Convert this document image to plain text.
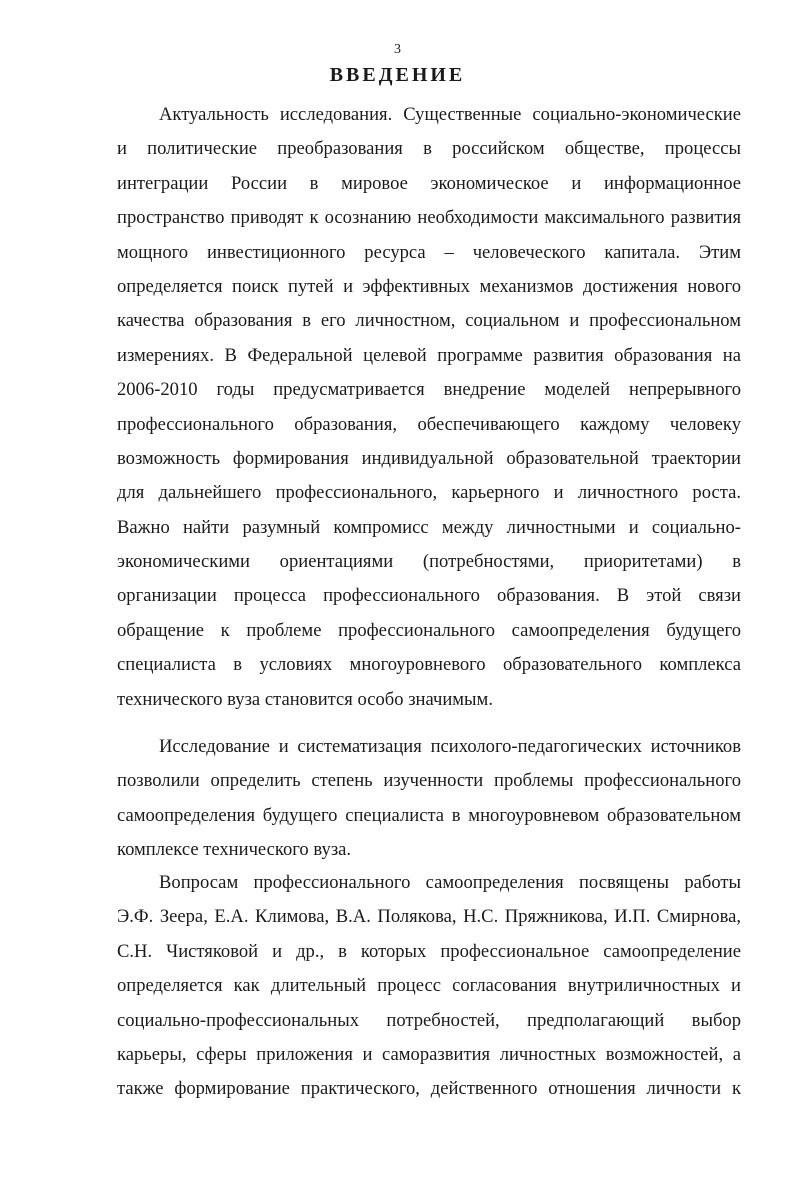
3
ВВЕДЕНИЕ
Актуальность исследования. Существенные социально-экономические
и политические преобразования в российском обществе, процессы
интеграции России в мировое экономическое и информационное
пространство приводят к осознанию необходимости максимального развития
мощного инвестиционного ресурса – человеческого капитала. Этим
определяется поиск путей и эффективных механизмов достижения нового
качества образования в его личностном, социальном и профессиональном
измерениях. В Федеральной целевой программе развития образования на
2006-2010 годы предусматривается внедрение моделей непрерывного
профессионального образования, обеспечивающего каждому человеку
возможность формирования индивидуальной образовательной траектории
для дальнейшего профессионального, карьерного и личностного роста.
Важно найти разумный компромисс между личностными и социально-
экономическими ориентациями (потребностями, приоритетами) в
организации процесса профессионального образования. В этой связи
обращение к проблеме профессионального самоопределения будущего
специалиста в условиях многоуровневого образовательного комплекса
технического вуза становится особо значимым.
Исследование и систематизация психолого-педагогических источников
позволили определить степень изученности проблемы профессионального
самоопределения будущего специалиста в многоуровневом образовательном
комплексе технического вуза.
Вопросам профессионального самоопределения посвящены работы
Э.Ф. Зеера, Е.А. Климова, В.А. Полякова, Н.С. Пряжникова, И.П. Смирнова,
С.Н. Чистяковой и др., в которых профессиональное самоопределение
определяется как длительный процесс согласования внутриличностных и
социально-профессиональных потребностей, предполагающий выбор
карьеры, сферы приложения и саморазвития личностных возможностей, а
также формирование практического, действенного отношения личности к
